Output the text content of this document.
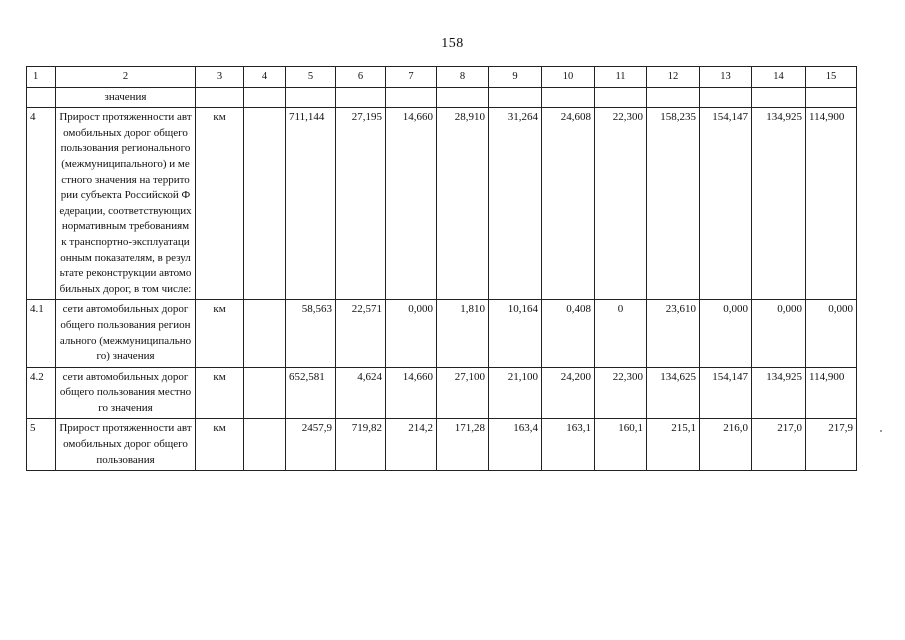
158
1	2	3	4	5	6	7	8	9	10	11	12	13	14	15
	значения													
4	Прирост протяженности автомобильных дорог общего пользования регионального (межмуниципального) и местного значения на территории субъекта Российской Федерации, соответствующих нормативным требованиям к транспортно-эксплуатационным показателям, в результате реконструкции автомобильных дорог, в том числе:	км		711,144	27,195	14,660	28,910	31,264	24,608	22,300	158,235	154,147	134,925	114,900
4.1	сети автомобильных дорог общего пользования регионального (межмуниципального) значения	км		58,563	22,571	0,000	1,810	10,164	0,408	0	23,610	0,000	0,000	0,000
4.2	сети автомобильных дорог общего пользования местного значения	км		652,581	4,624	14,660	27,100	21,100	24,200	22,300	134,625	154,147	134,925	114,900
5	Прирост протяженности автомобильных дорог общего пользования	км		2457,9	719,82	214,2	171,28	163,4	163,1	160,1	215,1	216,0	217,0	217,9
